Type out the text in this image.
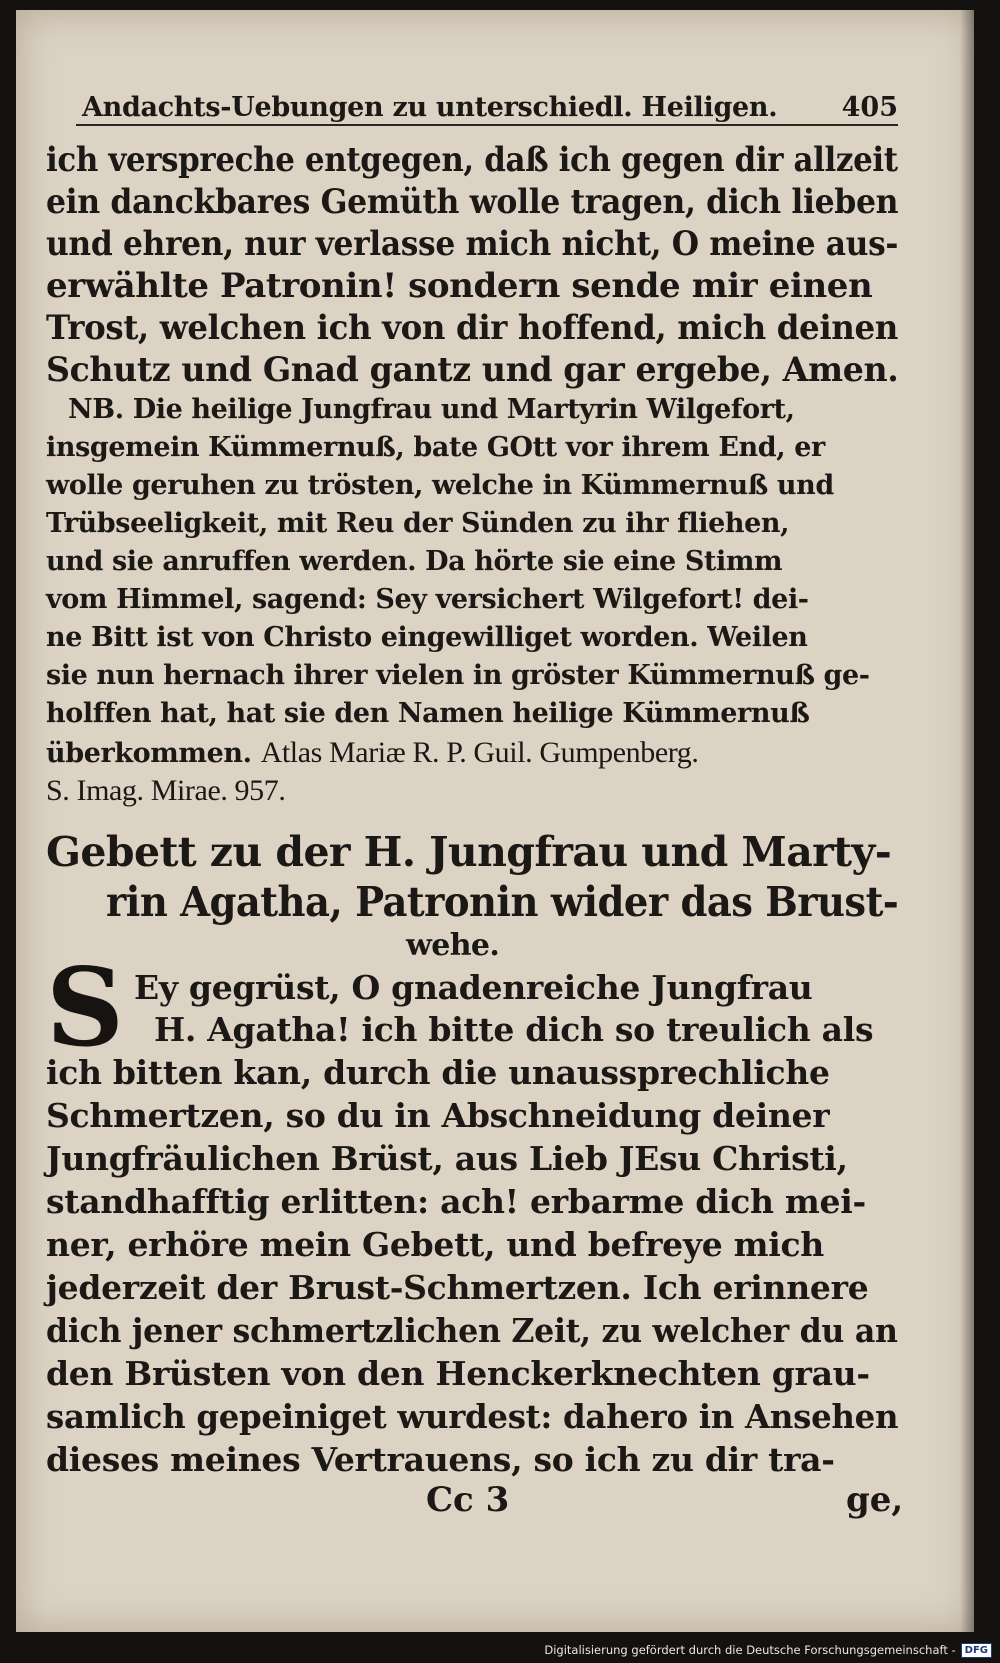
Andachts-Uebungen zu unterschiedl. Heiligen. 405
ich verspreche entgegen, daß ich gegen dir allzeit
ein danckbares Gemüth wolle tragen, dich lieben
und ehren, nur verlasse mich nicht, O meine aus-
erwählte Patronin! sondern sende mir einen
Trost, welchen ich von dir hoffend, mich deinen
Schutz und Gnad gantz und gar ergebe, Amen.
NB. Die heilige Jungfrau und Martyrin Wilgefort,
insgemein Kümmernuß, bate GOtt vor ihrem End, er
wolle geruhen zu trösten, welche in Kümmernuß und
Trübseeligkeit, mit Reu der Sünden zu ihr fliehen,
und sie anruffen werden. Da hörte sie eine Stimm
vom Himmel, sagend: Sey versichert Wilgefort! dei-
ne Bitt ist von Christo eingewilliget worden. Weilen
sie nun hernach ihrer vielen in gröster Kümmernuß ge-
holffen hat, hat sie den Namen heilige Kümmernuß
überkommen. Atlas Mariæ R. P. Guil. Gumpenberg.
S. Imag. Mirae. 957.
Gebett zu der H. Jungfrau und Marty-
rin Agatha, Patronin wider das Brust-
wehe.
S Ey gegrüst, O gnadenreiche Jungfrau
H. Agatha! ich bitte dich so treulich als
ich bitten kan, durch die unaussprechliche
Schmertzen, so du in Abschneidung deiner
Jungfräulichen Brüst, aus Lieb JEsu Christi,
standhafftig erlitten: ach! erbarme dich mei-
ner, erhöre mein Gebett, und befreye mich
jederzeit der Brust-Schmertzen. Ich erinnere
dich jener schmertzlichen Zeit, zu welcher du an
den Brüsten von den Henckerknechten grau-
samlich gepeiniget wurdest: dahero in Ansehen
dieses meines Vertrauens, so ich zu dir tra-
Cc 3	ge,
Digitalisierung gefördert durch die Deutsche Forschungsgemeinschaft - DFG
